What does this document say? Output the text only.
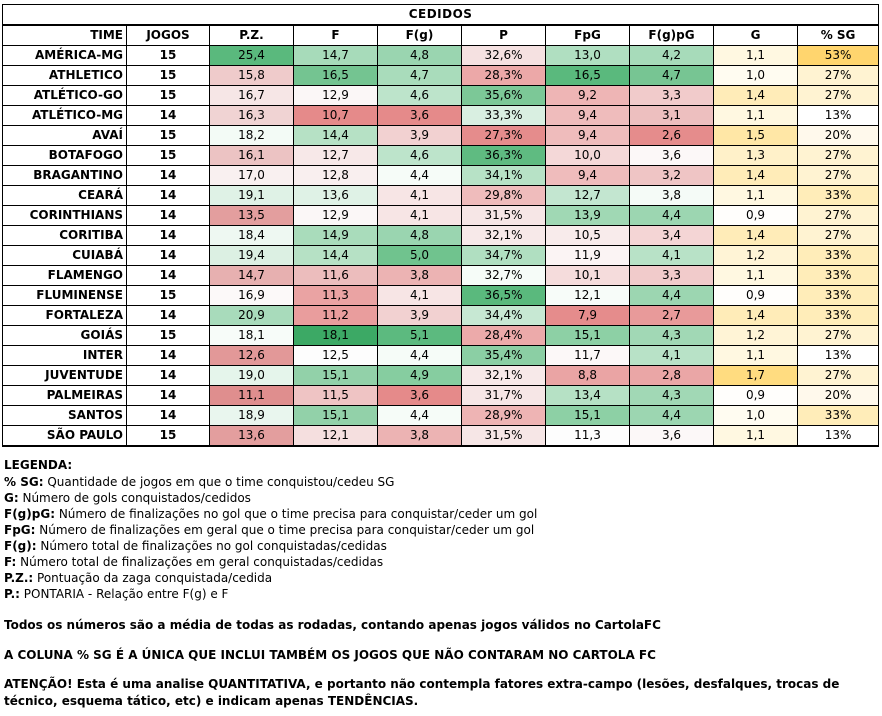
CEDIDOS									
TIME	JOGOS	P.Z.	F	F(g)	P	FpG	F(g)pG	G	% SG
AMÉRICA-MG	15	25,4	14,7	4,8	32,6%	13,0	4,2	1,1	53%
ATHLETICO	15	15,8	16,5	4,7	28,3%	16,5	4,7	1,0	27%
ATLÉTICO-GO	15	16,7	12,9	4,6	35,6%	9,2	3,3	1,4	27%
ATLÉTICO-MG	14	16,3	10,7	3,6	33,3%	9,4	3,1	1,1	13%
AVAÍ	15	18,2	14,4	3,9	27,3%	9,4	2,6	1,5	20%
BOTAFOGO	15	16,1	12,7	4,6	36,3%	10,0	3,6	1,3	27%
BRAGANTINO	14	17,0	12,8	4,4	34,1%	9,4	3,2	1,4	27%
CEARÁ	14	19,1	13,6	4,1	29,8%	12,7	3,8	1,1	33%
CORINTHIANS	14	13,5	12,9	4,1	31,5%	13,9	4,4	0,9	27%
CORITIBA	14	18,4	14,9	4,8	32,1%	10,5	3,4	1,4	27%
CUIABÁ	14	19,4	14,4	5,0	34,7%	11,9	4,1	1,2	33%
FLAMENGO	14	14,7	11,6	3,8	32,7%	10,1	3,3	1,1	33%
FLUMINENSE	15	16,9	11,3	4,1	36,5%	12,1	4,4	0,9	33%
FORTALEZA	14	20,9	11,2	3,9	34,4%	7,9	2,7	1,4	33%
GOIÁS	15	18,1	18,1	5,1	28,4%	15,1	4,3	1,2	27%
INTER	14	12,6	12,5	4,4	35,4%	11,7	4,1	1,1	13%
JUVENTUDE	14	19,0	15,1	4,9	32,1%	8,8	2,8	1,7	27%
PALMEIRAS	14	11,1	11,5	3,6	31,7%	13,4	4,3	0,9	20%
SANTOS	14	18,9	15,1	4,4	28,9%	15,1	4,4	1,0	33%
SÃO PAULO	15	13,6	12,1	3,8	31,5%	11,3	3,6	1,1	13%
LEGENDA:
% SG: Quantidade de jogos em que o time conquistou/cedeu SG
G: Número de gols conquistados/cedidos
F(g)pG: Número de finalizações no gol que o time precisa para conquistar/ceder um gol
FpG: Número de finalizações em geral que o time precisa para conquistar/ceder um gol
F(g): Número total de finalizações no gol conquistadas/cedidas
F: Número total de finalizações em geral conquistadas/cedidas
P.Z.: Pontuação da zaga conquistada/cedida
P.: PONTARIA - Relação entre F(g) e F
Todos os números são a média de todas as rodadas, contando apenas jogos válidos no CartolaFC
A COLUNA % SG É A ÚNICA QUE INCLUI TAMBÉM OS JOGOS QUE NÃO CONTARAM NO CARTOLA FC
ATENÇÃO! Esta é uma analise QUANTITATIVA, e portanto não contempla fatores extra-campo (lesões, desfalques, trocas de técnico, esquema tático, etc) e indicam apenas TENDÊNCIAS.
